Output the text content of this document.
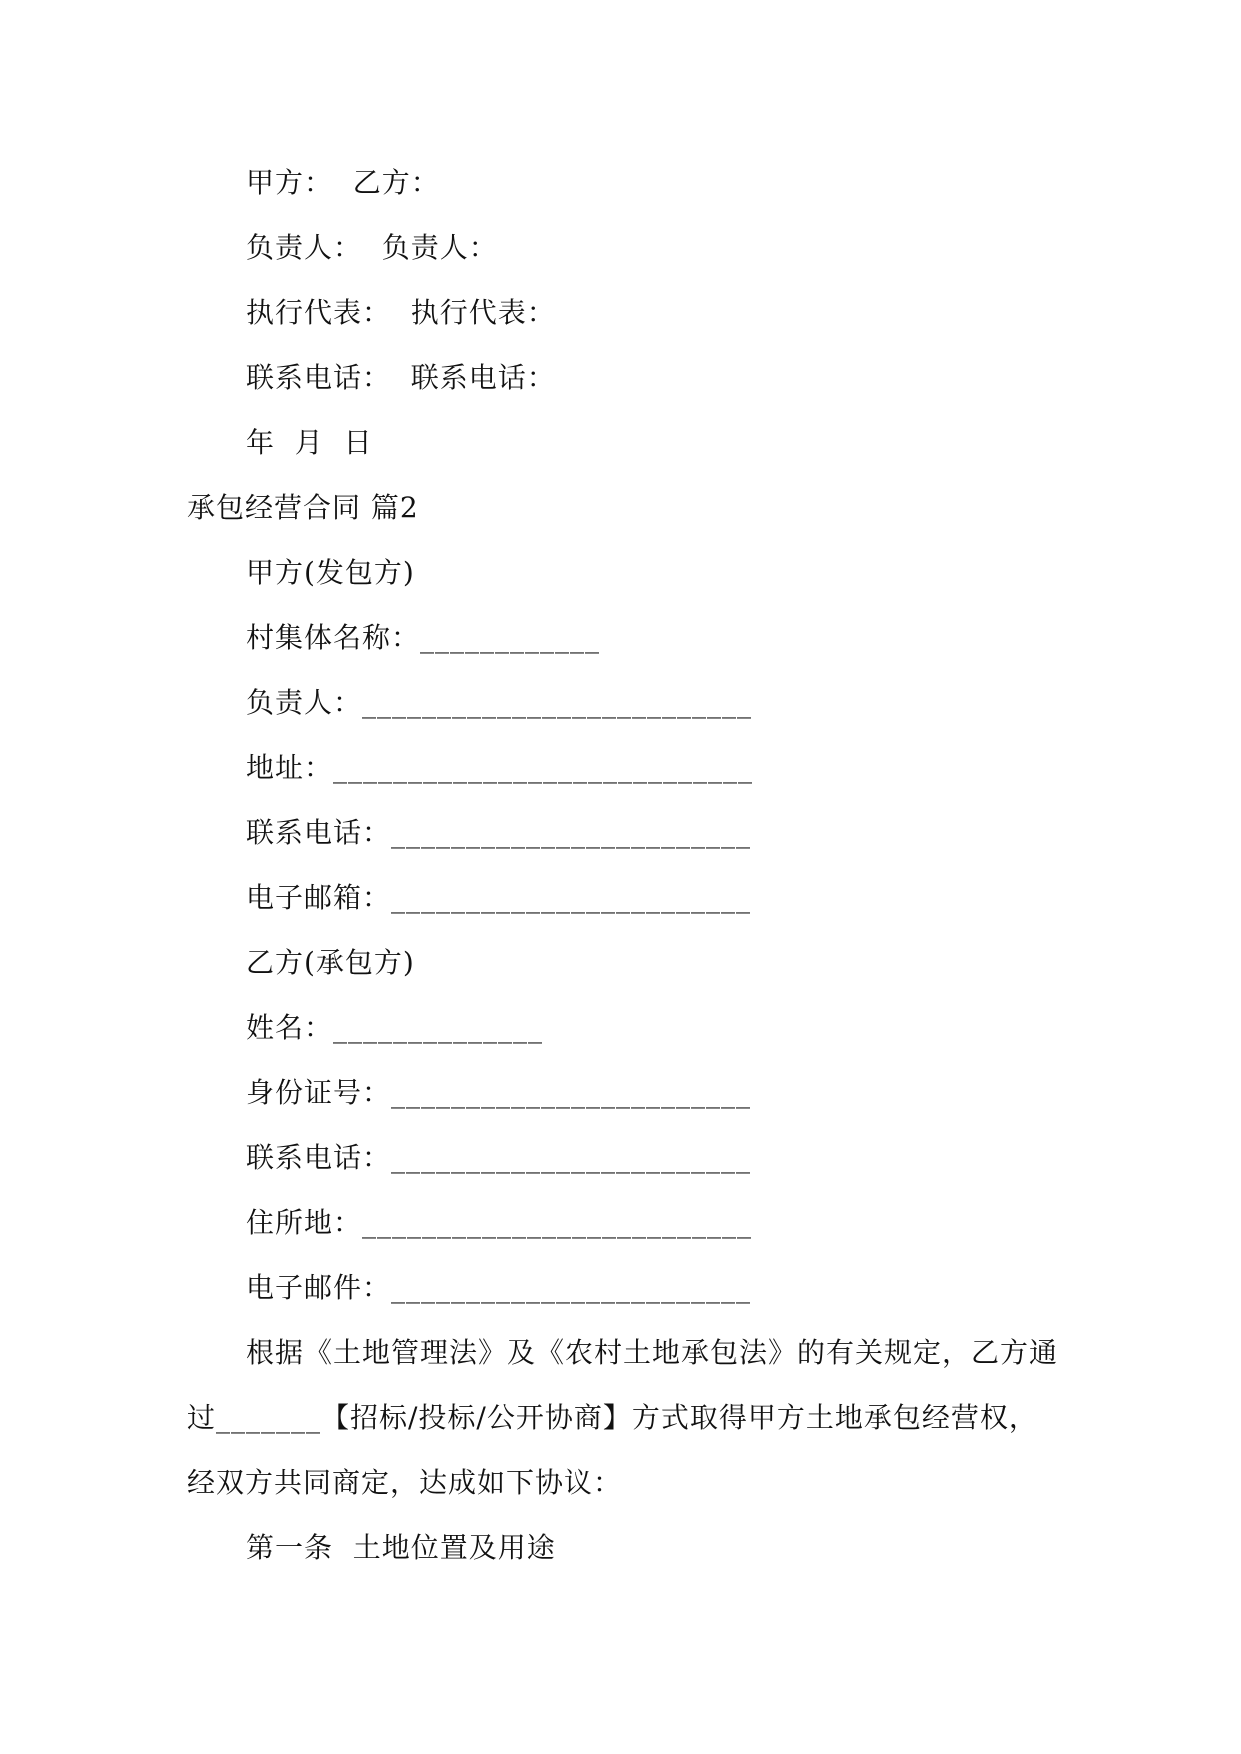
甲方：  乙方：
负责人：  负责人：
执行代表：  执行代表：
联系电话：  联系电话：
年  月  日
承包经营合同 篇2
甲方(发包方)
村集体名称：____________
负责人：__________________________
地址：____________________________
联系电话：________________________
电子邮箱：________________________
乙方(承包方)
姓名：______________
身份证号：________________________
联系电话：________________________
住所地：__________________________
电子邮件：________________________
根据《土地管理法》及《农村土地承包法》的有关规定，乙方通
过_______【招标/投标/公开协商】方式取得甲方土地承包经营权，
经双方共同商定，达成如下协议：
第一条  土地位置及用途
